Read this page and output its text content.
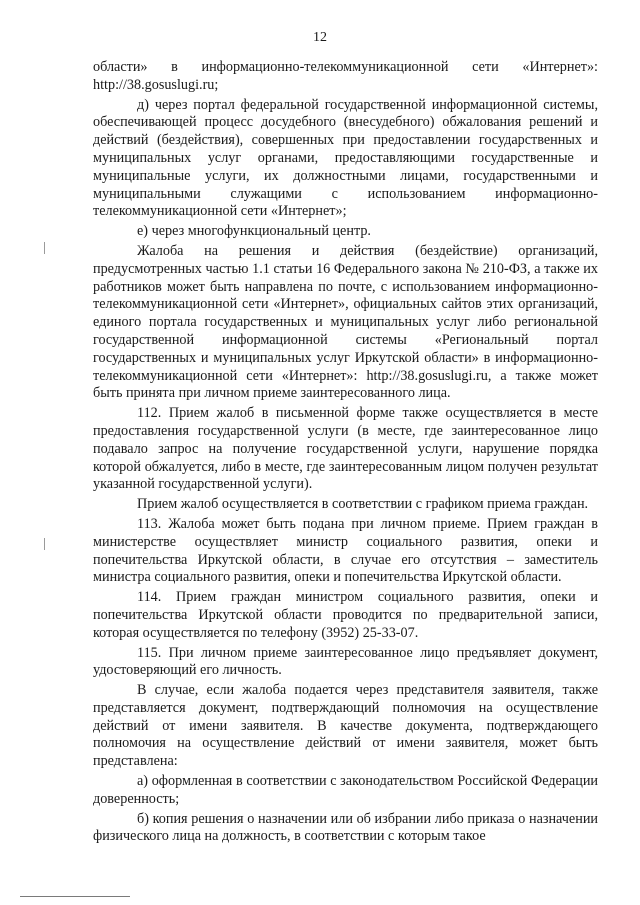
12

области» в информационно-телекоммуникационной сети «Интернет»: http://38.gosuslugi.ru;

д) через портал федеральной государственной информационной системы, обеспечивающей процесс досудебного (внесудебного) обжалования решений и действий (бездействия), совершенных при предоставлении государственных и муниципальных услуг органами, предоставляющими государственные и муниципальные услуги, их должностными лицами, государственными и муниципальными служащими с использованием информационно-телекоммуникационной сети «Интернет»;

е) через многофункциональный центр.

Жалоба на решения и действия (бездействие) организаций, предусмотренных частью 1.1 статьи 16 Федерального закона № 210-ФЗ, а также их работников может быть направлена по почте, с использованием информационно-телекоммуникационной сети «Интернет», официальных сайтов этих организаций, единого портала государственных и муниципальных услуг либо региональной государственной информационной системы «Региональный портал государственных и муниципальных услуг Иркутской области» в информационно-телекоммуникационной сети «Интернет»: http://38.gosuslugi.ru, а также может быть принята при личном приеме заинтересованного лица.

112. Прием жалоб в письменной форме также осуществляется в месте предоставления государственной услуги (в месте, где заинтересованное лицо подавало запрос на получение государственной услуги, нарушение порядка которой обжалуется, либо в месте, где заинтересованным лицом получен результат указанной государственной услуги).

Прием жалоб осуществляется в соответствии с графиком приема граждан.

113. Жалоба может быть подана при личном приеме. Прием граждан в министерстве осуществляет министр социального развития, опеки и попечительства Иркутской области, в случае его отсутствия – заместитель министра социального развития, опеки и попечительства Иркутской области.

114. Прием граждан министром социального развития, опеки и попечительства Иркутской области проводится по предварительной записи, которая осуществляется по телефону (3952) 25-33-07.

115. При личном приеме заинтересованное лицо предъявляет документ, удостоверяющий его личность.

В случае, если жалоба подается через представителя заявителя, также представляется документ, подтверждающий полномочия на осуществление действий от имени заявителя. В качестве документа, подтверждающего полномочия на осуществление действий от имени заявителя, может быть представлена:

а) оформленная в соответствии с законодательством Российской Федерации доверенность;

б) копия решения о назначении или об избрании либо приказа о назначении физического лица на должность, в соответствии с которым такое
